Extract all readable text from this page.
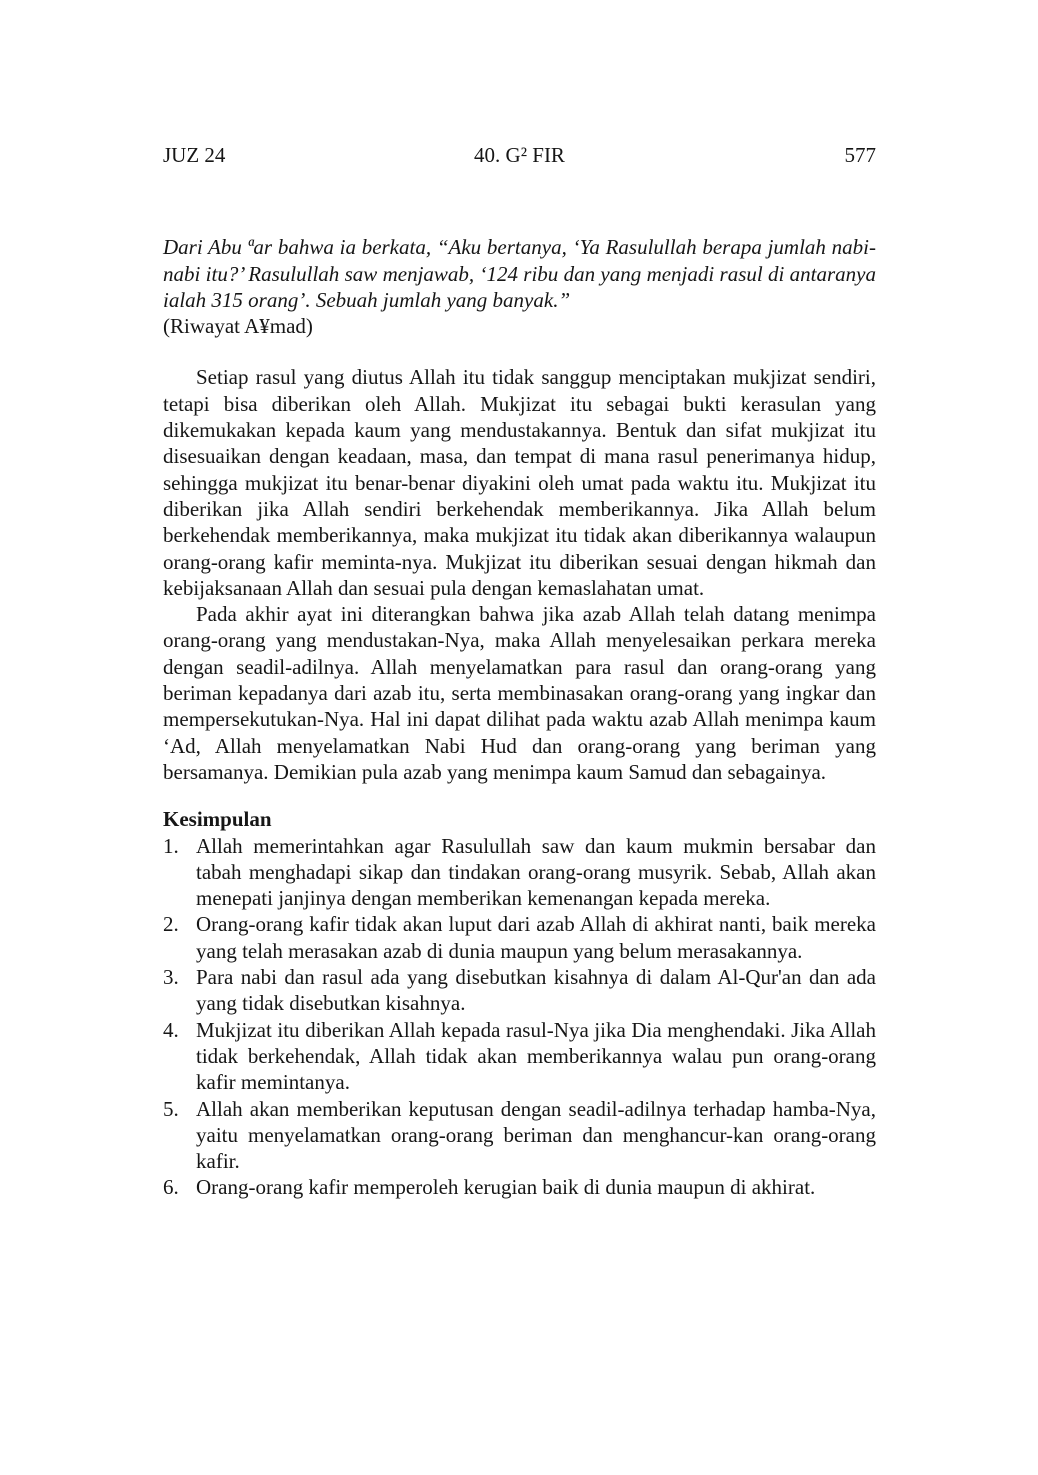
JUZ 24	40. G² FIR	577

Dari Abu ªar bahwa ia berkata, “Aku bertanya, ‘Ya Rasulullah berapa jumlah nabi-nabi itu?’ Rasulullah saw menjawab, ‘124 ribu dan yang menjadi rasul di antaranya ialah 315 orang’. Sebuah jumlah yang banyak.”
(Riwayat A¥mad)

Setiap rasul yang diutus Allah itu tidak sanggup menciptakan mukjizat sendiri, tetapi bisa diberikan oleh Allah. Mukjizat itu sebagai bukti kerasulan yang dikemukakan kepada kaum yang mendustakannya. Bentuk dan sifat mukjizat itu disesuaikan dengan keadaan, masa, dan tempat di mana rasul penerimanya hidup, sehingga mukjizat itu benar-benar diyakini oleh umat pada waktu itu. Mukjizat itu diberikan jika Allah sendiri berkehendak memberikannya. Jika Allah belum berkehendak memberikannya, maka mukjizat itu tidak akan diberikannya walaupun orang-orang kafir meminta-nya. Mukjizat itu diberikan sesuai dengan hikmah dan kebijaksanaan Allah dan sesuai pula dengan kemaslahatan umat.

Pada akhir ayat ini diterangkan bahwa jika azab Allah telah datang menimpa orang-orang yang mendustakan-Nya, maka Allah menyelesaikan perkara mereka dengan seadil-adilnya. Allah menyelamatkan para rasul dan orang-orang yang beriman kepadanya dari azab itu, serta membinasakan orang-orang yang ingkar dan mempersekutukan-Nya. Hal ini dapat dilihat pada waktu azab Allah menimpa kaum ‘Ad, Allah menyelamatkan Nabi Hud dan orang-orang yang beriman yang bersamanya. Demikian pula azab yang menimpa kaum Samud dan sebagainya.

Kesimpulan
1. Allah memerintahkan agar Rasulullah saw dan kaum mukmin bersabar dan tabah menghadapi sikap dan tindakan orang-orang musyrik. Sebab, Allah akan menepati janjinya dengan memberikan kemenangan kepada mereka.

2. Orang-orang kafir tidak akan luput dari azab Allah di akhirat nanti, baik mereka yang telah merasakan azab di dunia maupun yang belum merasakannya.

3. Para nabi dan rasul ada yang disebutkan kisahnya di dalam Al-Qur'an dan ada yang tidak disebutkan kisahnya.

4. Mukjizat itu diberikan Allah kepada rasul-Nya jika Dia menghendaki. Jika Allah tidak berkehendak, Allah tidak akan memberikannya walau pun orang-orang kafir memintanya.

5. Allah akan memberikan keputusan dengan seadil-adilnya terhadap hamba-Nya, yaitu menyelamatkan orang-orang beriman dan menghancur-kan orang-orang kafir.

6. Orang-orang kafir memperoleh kerugian baik di dunia maupun di akhirat.
